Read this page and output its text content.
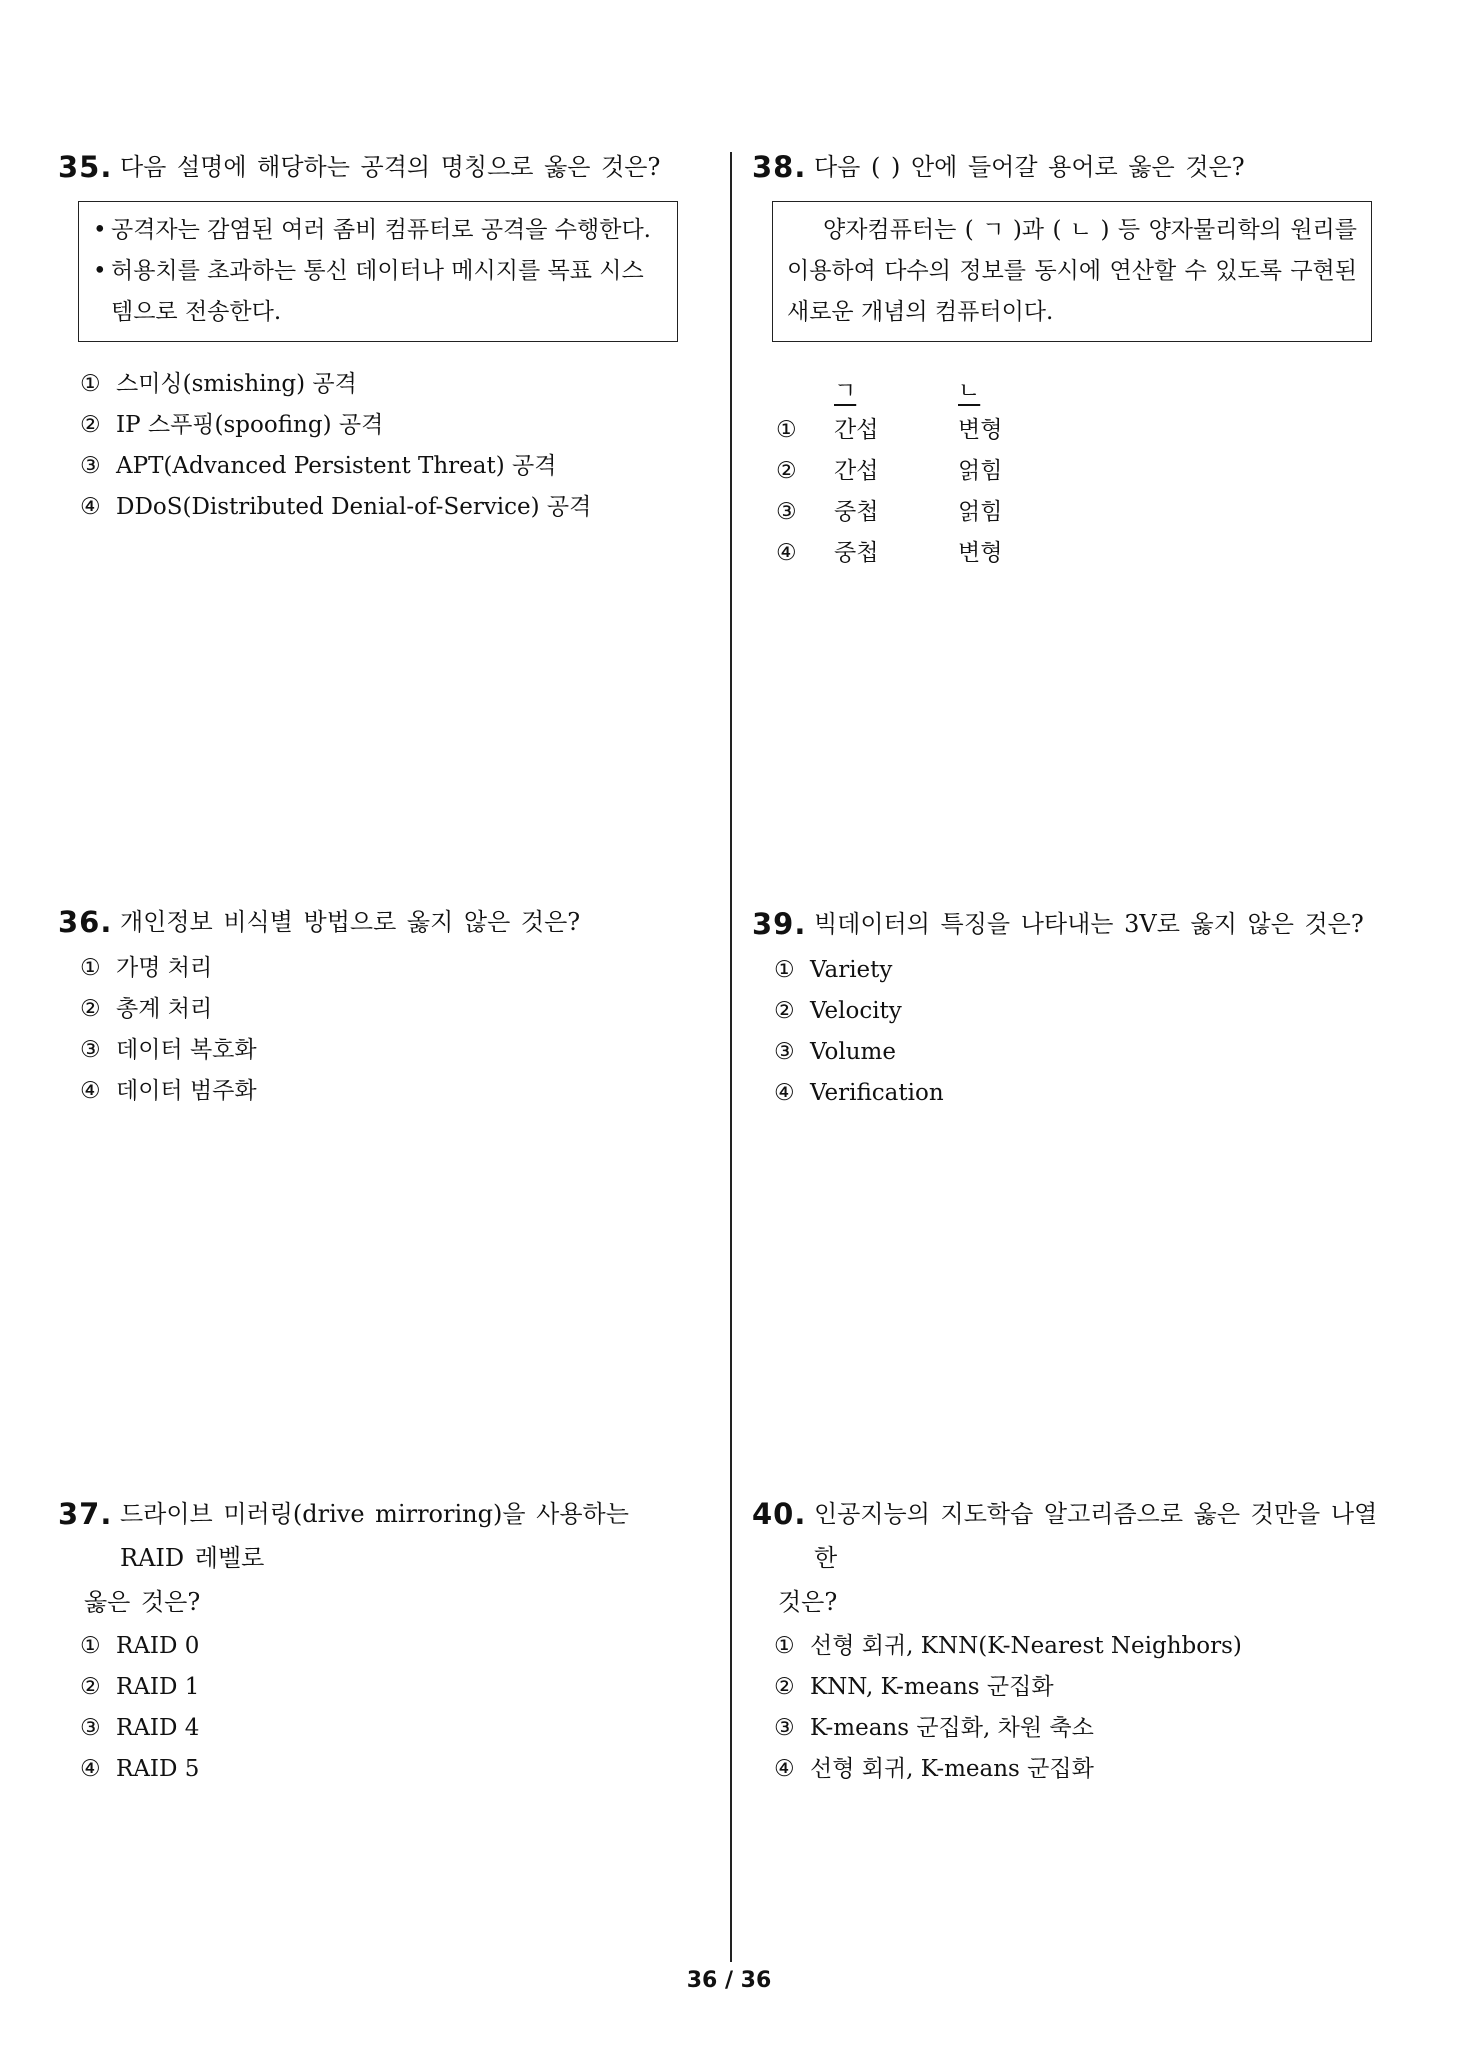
35. 다음 설명에 해당하는 공격의 명칭으로 옳은 것은?
• 공격자는 감염된 여러 좀비 컴퓨터로 공격을 수행한다.
• 허용치를 초과하는 통신 데이터나 메시지를 목표 시스템으로 전송한다.
① 스미싱(smishing) 공격
② IP 스푸핑(spoofing) 공격
③ APT(Advanced Persistent Threat) 공격
④ DDoS(Distributed Denial-of-Service) 공격
38. 다음 ( ) 안에 들어갈 용어로 옳은 것은?
양자컴퓨터는 ( ㄱ )과 ( ㄴ ) 등 양자물리학의 원리를 이용하여 다수의 정보를 동시에 연산할 수 있도록 구현된 새로운 개념의 컴퓨터이다.
ㄱ	ㄴ
①	간섭	변형
②	간섭	얽힘
③	중첩	얽힘
④	중첩	변형
36. 개인정보 비식별 방법으로 옳지 않은 것은?
① 가명 처리
② 총계 처리
③ 데이터 복호화
④ 데이터 범주화
39. 빅데이터의 특징을 나타내는 3V로 옳지 않은 것은?
① Variety
② Velocity
③ Volume
④ Verification
37. 드라이브 미러링(drive mirroring)을 사용하는 RAID 레벨로
옳은 것은?
① RAID 0
② RAID 1
③ RAID 4
④ RAID 5
40. 인공지능의 지도학습 알고리즘으로 옳은 것만을 나열한
것은?
① 선형 회귀, KNN(K-Nearest Neighbors)
② KNN, K-means 군집화
③ K-means 군집화, 차원 축소
④ 선형 회귀, K-means 군집화
36 / 36
